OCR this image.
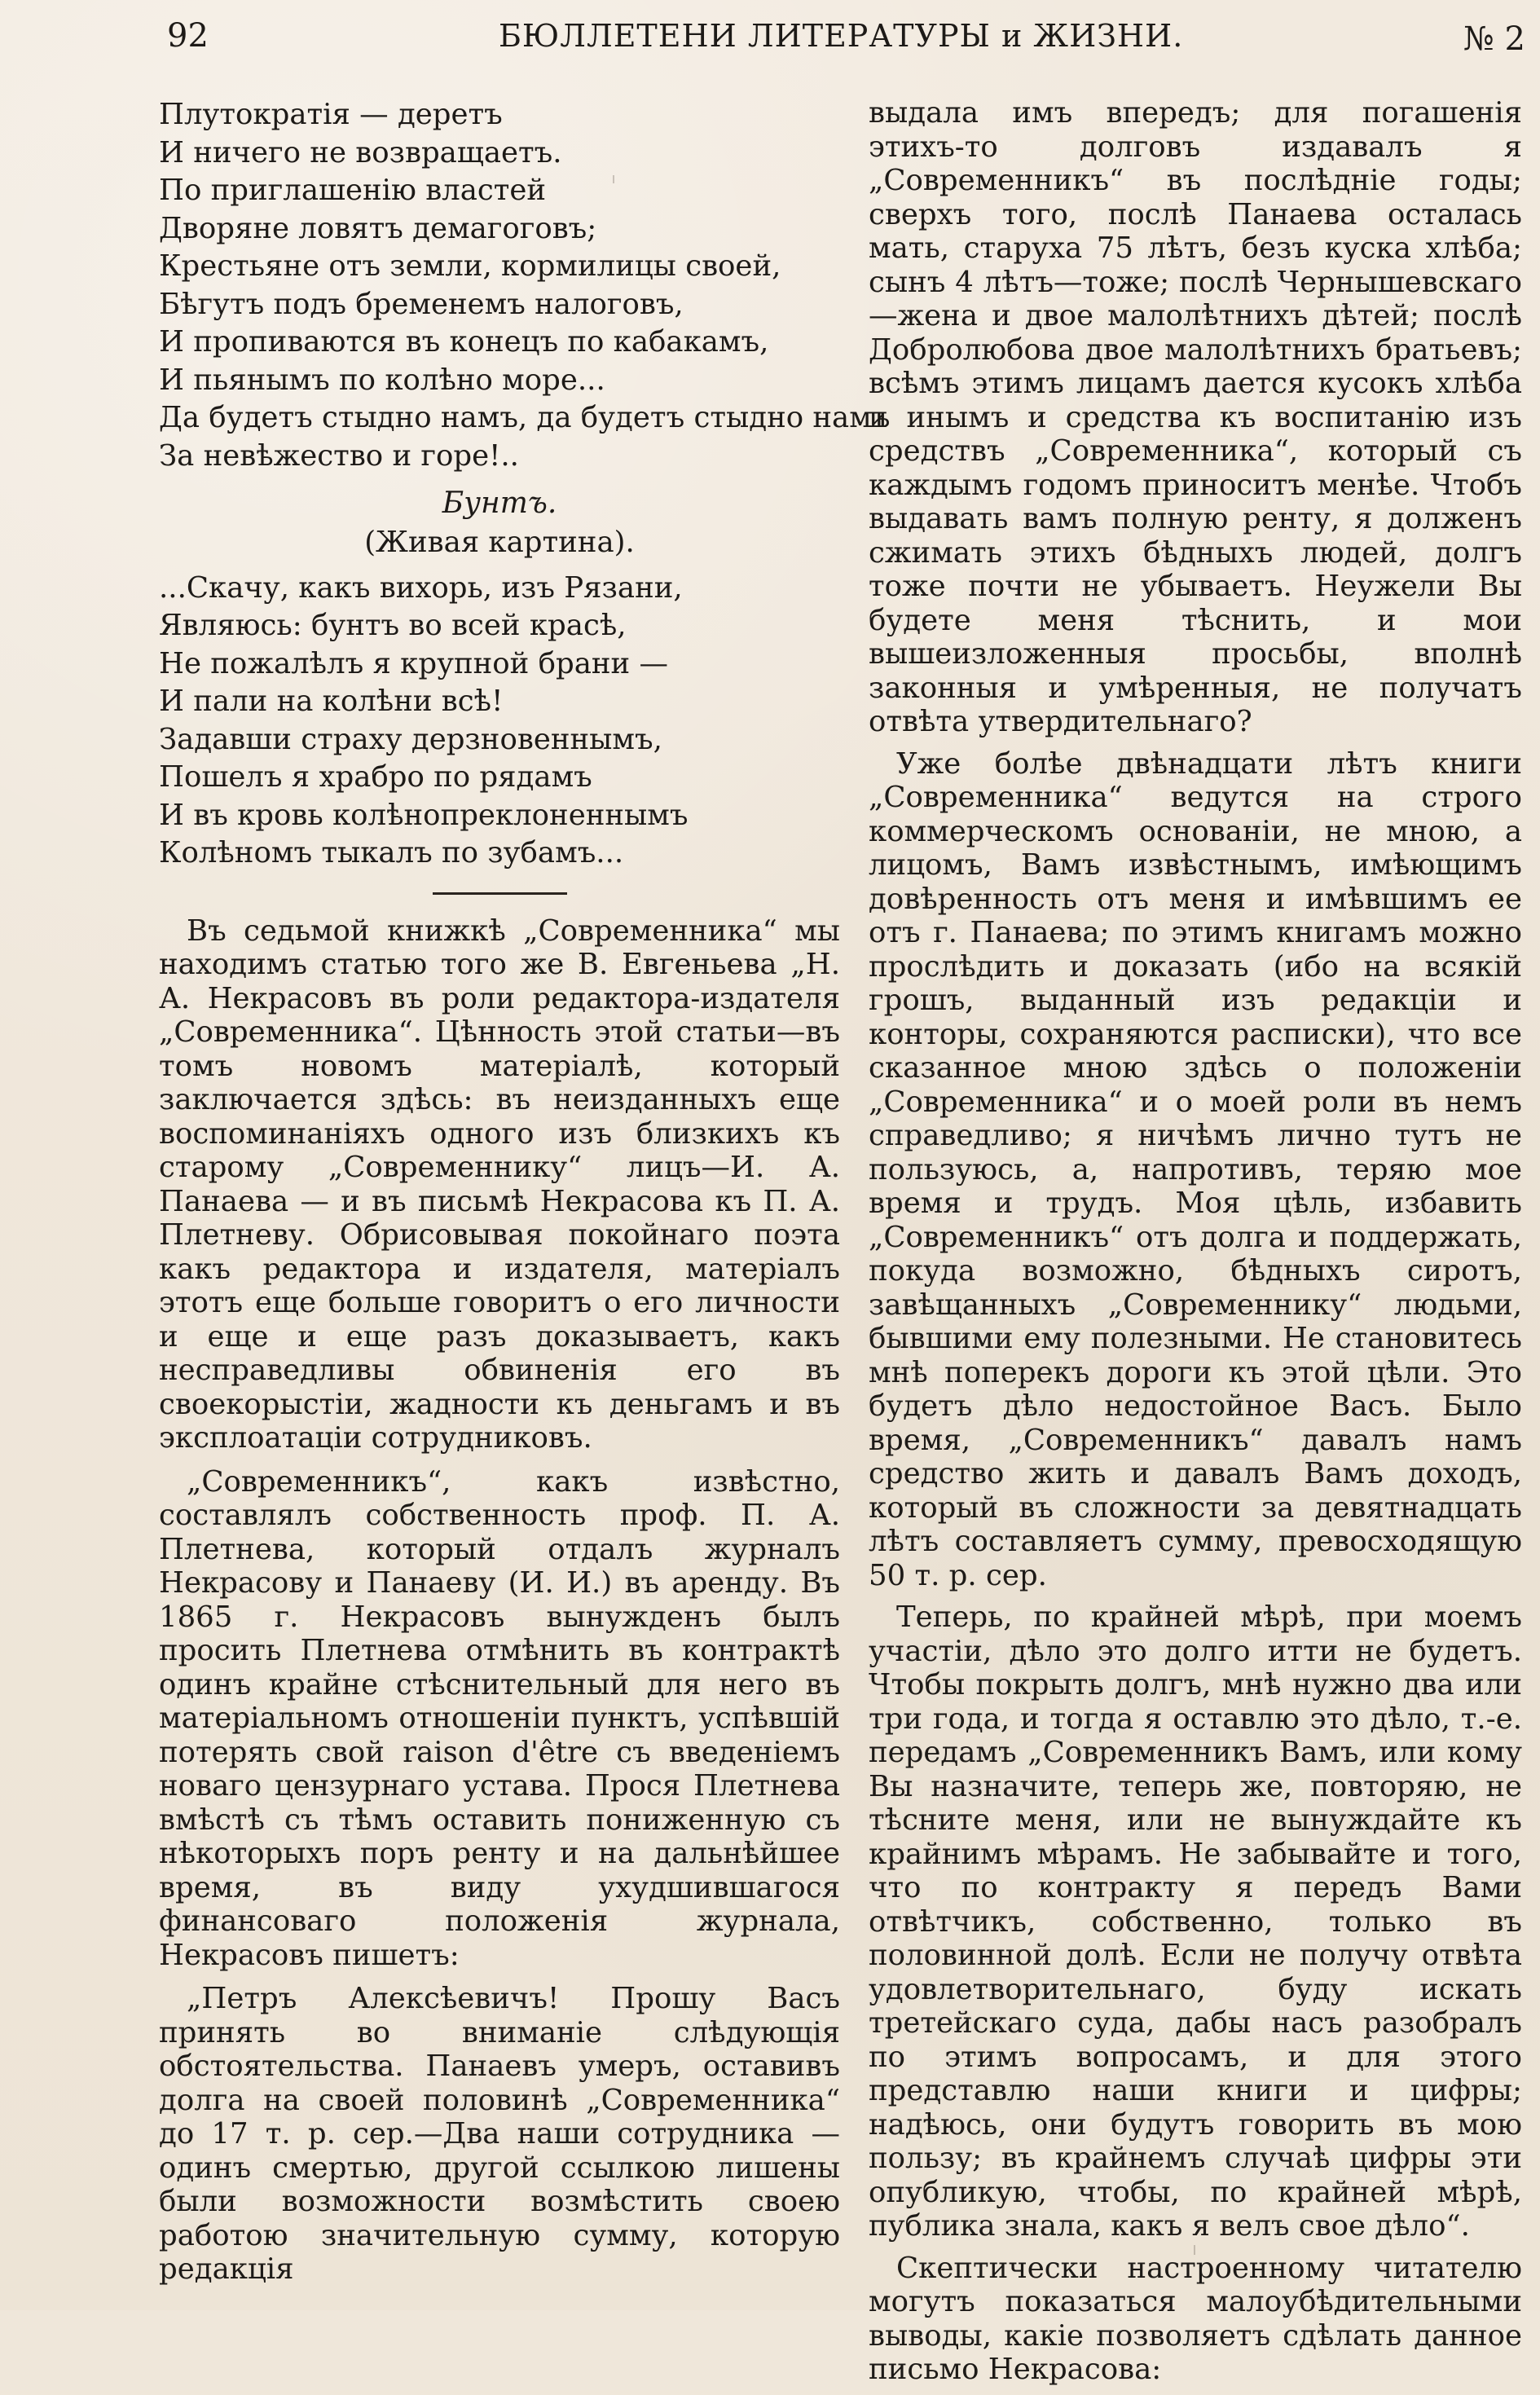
92	БЮЛЛЕТЕНИ ЛИТЕРАТУРЫ и ЖИЗНИ.	№ 2
Плутократія — деретъ
И ничего не возвращаетъ.
По приглашенію властей
Дворяне ловятъ демагоговъ;
Крестьяне отъ земли, кормилицы своей,
Бѣгутъ подъ бременемъ налоговъ,
И пропиваются въ конецъ по кабакамъ,
И пьянымъ по колѣно море...
Да будетъ стыдно намъ, да будетъ стыдно намъ
За невѣжество и горе!..
Бунтъ.
(Живая картина).
...Скачу, какъ вихорь, изъ Рязани,
Являюсь: бунтъ во всей красѣ,
Не пожалѣлъ я крупной брани —
И пали на колѣни всѣ!
Задавши страху дерзновеннымъ,
Пошелъ я храбро по рядамъ
И въ кровь колѣнопреклоненнымъ
Колѣномъ тыкалъ по зубамъ...

Въ седьмой книжкѣ „Современника“ мы находимъ статью того же В. Евгеньева „Н. А. Некрасовъ въ роли редактора-издателя „Современника“. Цѣнность этой статьи—въ томъ новомъ матеріалѣ, который заключается здѣсь: въ неизданныхъ еще воспоминаніяхъ одного изъ близкихъ къ старому „Современнику“ лицъ—И. А. Панаева — и въ письмѣ Некрасова къ П. А. Плетневу. Обрисовывая покойнаго поэта какъ редактора и издателя, матеріалъ этотъ еще больше говоритъ о его личности и еще и еще разъ доказываетъ, какъ несправедливы обвиненія его въ своекорыстіи, жадности къ деньгамъ и въ эксплоатаціи сотрудниковъ.

„Современникъ“, какъ извѣстно, составлялъ собственность проф. П. А. Плетнева, который отдалъ журналъ Некрасову и Панаеву (И. И.) въ аренду. Въ 1865 г. Некрасовъ вынужденъ былъ просить Плетнева отмѣнить въ контрактѣ одинъ крайне стѣснительный для него въ матеріальномъ отношеніи пунктъ, успѣвшій потерять свой raison d'être съ введеніемъ новаго цензурнаго устава. Прося Плетнева вмѣстѣ съ тѣмъ оставить пониженную съ нѣкоторыхъ поръ ренту и на дальнѣйшее время, въ виду ухудшившагося финансоваго положенія журнала, Некрасовъ пишетъ:

„Петръ Алексѣевичъ! Прошу Васъ принять во вниманіе слѣдующія обстоятельства. Панаевъ умеръ, оставивъ долга на своей половинѣ „Современника“ до 17 т. р. сер.—Два наши сотрудника — одинъ смертью, другой ссылкою лишены были возможности возмѣстить своею работою значительную сумму, которую редакція

выдала имъ впередъ; для погашенія этихъ-то долговъ издавалъ я „Современникъ“ въ послѣдніе годы; сверхъ того, послѣ Панаева осталась мать, старуха 75 лѣтъ, безъ куска хлѣба; сынъ 4 лѣтъ—тоже; послѣ Чернышевскаго—жена и двое малолѣтнихъ дѣтей; послѣ Добролюбова двое малолѣтнихъ братьевъ; всѣмъ этимъ лицамъ дается кусокъ хлѣба и инымъ и средства къ воспитанію изъ средствъ „Современника“, который съ каждымъ годомъ приноситъ менѣе. Чтобъ выдавать вамъ полную ренту, я долженъ сжимать этихъ бѣдныхъ людей, долгъ тоже почти не убываетъ. Неужели Вы будете меня тѣснить, и мои вышеизложенныя просьбы, вполнѣ законныя и умѣренныя, не получатъ отвѣта утвердительнаго?

Уже болѣе двѣнадцати лѣтъ книги „Современника“ ведутся на строго коммерческомъ основаніи, не мною, а лицомъ, Вамъ извѣстнымъ, имѣющимъ довѣренность отъ меня и имѣвшимъ ее отъ г. Панаева; по этимъ книгамъ можно прослѣдить и доказать (ибо на всякій грошъ, выданный изъ редакціи и конторы, сохраняются расписки), что все сказанное мною здѣсь о положеніи „Современника“ и о моей роли въ немъ справедливо; я ничѣмъ лично тутъ не пользуюсь, а, напротивъ, теряю мое время и трудъ. Моя цѣль, избавить „Современникъ“ отъ долга и поддержать, покуда возможно, бѣдныхъ сиротъ, завѣщанныхъ „Современнику“ людьми, бывшими ему полезными. Не становитесь мнѣ поперекъ дороги къ этой цѣли. Это будетъ дѣло недостойное Васъ. Было время, „Современникъ“ давалъ намъ средство жить и давалъ Вамъ доходъ, который въ сложности за девятнадцать лѣтъ составляетъ сумму, превосходящую 50 т. р. сер.

Теперь, по крайней мѣрѣ, при моемъ участіи, дѣло это долго итти не будетъ. Чтобы покрыть долгъ, мнѣ нужно два или три года, и тогда я оставлю это дѣло, т.-е. передамъ „Современникъ Вамъ, или кому Вы назначите, теперь же, повторяю, не тѣсните меня, или не вынуждайте къ крайнимъ мѣрамъ. Не забывайте и того, что по контракту я передъ Вами отвѣтчикъ, собственно, только въ половинной долѣ. Если не получу отвѣта удовлетворительнаго, буду искать третейскаго суда, дабы насъ разобралъ по этимъ вопросамъ, и для этого представлю наши книги и цифры; надѣюсь, они будутъ говорить въ мою пользу; въ крайнемъ случаѣ цифры эти опубликую, чтобы, по крайней мѣрѣ, публика знала, какъ я велъ свое дѣло“.

Скептически настроенному читателю могутъ показаться малоубѣдительными выводы, какіе позволяетъ сдѣлать данное письмо Некрасова:
